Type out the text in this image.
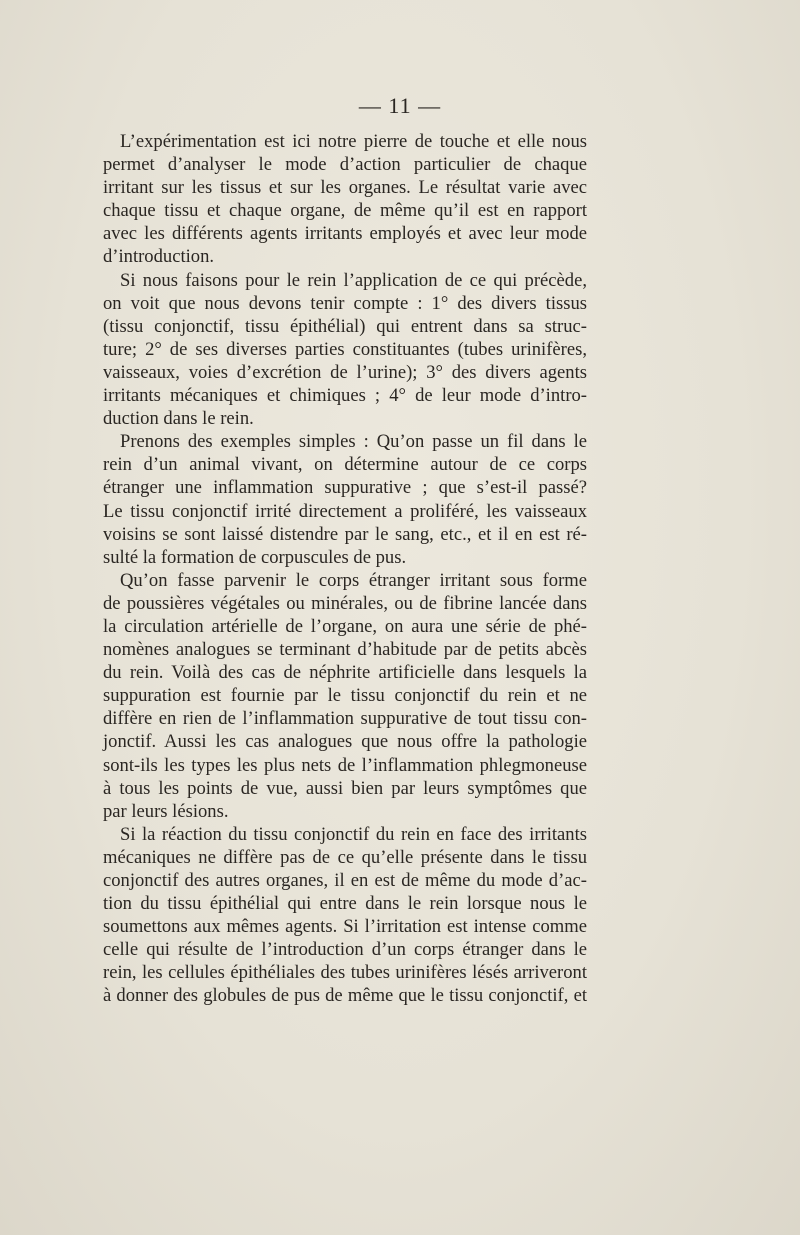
— 11 —

L’expérimentation est ici notre pierre de touche et elle nous
permet d’analyser le mode d’action particulier de chaque
irritant sur les tissus et sur les organes. Le résultat varie avec
chaque tissu et chaque organe, de même qu’il est en rapport
avec les différents agents irritants employés et avec leur mode
d’introduction.

Si nous faisons pour le rein l’application de ce qui précède,
on voit que nous devons tenir compte : 1° des divers tissus
(tissu conjonctif, tissu épithélial) qui entrent dans sa struc-
ture; 2° de ses diverses parties constituantes (tubes urinifères,
vaisseaux, voies d’excrétion de l’urine); 3° des divers agents
irritants mécaniques et chimiques ; 4° de leur mode d’intro-
duction dans le rein.

Prenons des exemples simples : Qu’on passe un fil dans le
rein d’un animal vivant, on détermine autour de ce corps
étranger une inflammation suppurative ; que s’est-il passé?
Le tissu conjonctif irrité directement a proliféré, les vaisseaux
voisins se sont laissé distendre par le sang, etc., et il en est ré-
sulté la formation de corpuscules de pus.

Qu’on fasse parvenir le corps étranger irritant sous forme
de poussières végétales ou minérales, ou de fibrine lancée dans
la circulation artérielle de l’organe, on aura une série de phé-
nomènes analogues se terminant d’habitude par de petits abcès
du rein. Voilà des cas de néphrite artificielle dans lesquels la
suppuration est fournie par le tissu conjonctif du rein et ne
diffère en rien de l’inflammation suppurative de tout tissu con-
jonctif. Aussi les cas analogues que nous offre la pathologie
sont-ils les types les plus nets de l’inflammation phlegmoneuse
à tous les points de vue, aussi bien par leurs symptômes que
par leurs lésions.

Si la réaction du tissu conjonctif du rein en face des irritants
mécaniques ne diffère pas de ce qu’elle présente dans le tissu
conjonctif des autres organes, il en est de même du mode d’ac-
tion du tissu épithélial qui entre dans le rein lorsque nous le
soumettons aux mêmes agents. Si l’irritation est intense comme
celle qui résulte de l’introduction d’un corps étranger dans le
rein, les cellules épithéliales des tubes urinifères lésés arriveront
à donner des globules de pus de même que le tissu conjonctif, et
